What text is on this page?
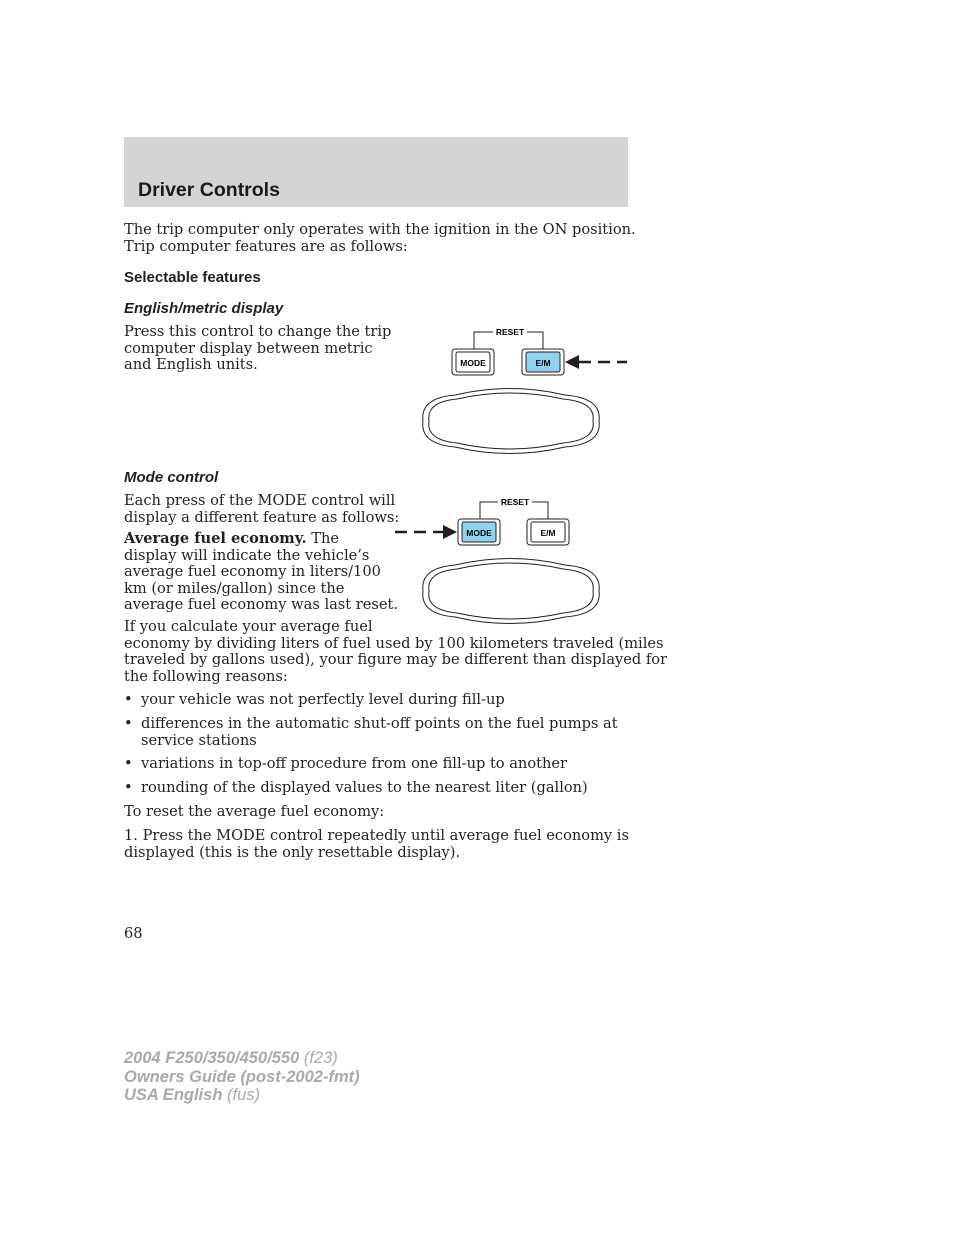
Driver Controls
The trip computer only operates with the ignition in the ON position.
Trip computer features are as follows:
Selectable features
English/metric display
Press this control to change the trip
computer display between metric
and English units.
RESET
MODE	E/M
Mode control
Each press of the MODE control will
display a different feature as follows:
Average fuel economy. The
display will indicate the vehicle’s
average fuel economy in liters/100
km (or miles/gallon) since the
average fuel economy was last reset.
RESET
MODE	E/M
If you calculate your average fuel
economy by dividing liters of fuel used by 100 kilometers traveled (miles
traveled by gallons used), your figure may be different than displayed for
the following reasons:
• your vehicle was not perfectly level during fill-up
• differences in the automatic shut-off points on the fuel pumps at
service stations
• variations in top-off procedure from one fill-up to another
• rounding of the displayed values to the nearest liter (gallon)
To reset the average fuel economy:
1. Press the MODE control repeatedly until average fuel economy is
displayed (this is the only resettable display).
68
2004 F250/350/450/550 (f23)
Owners Guide (post-2002-fmt)
USA English (fus)
